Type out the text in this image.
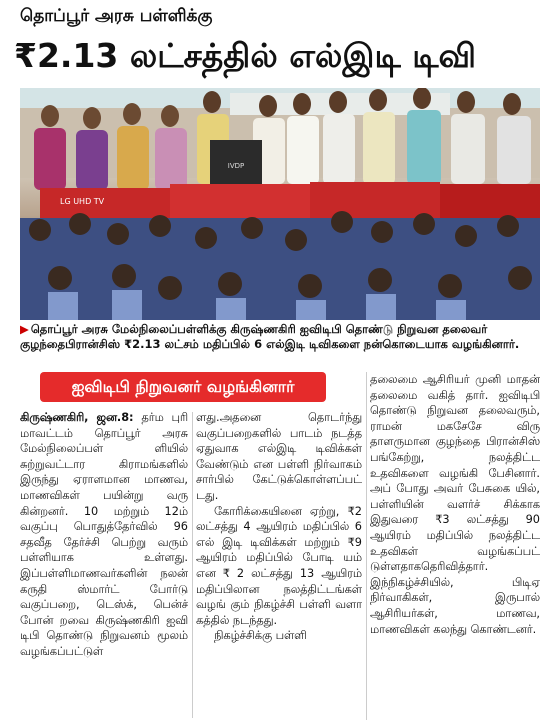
தொப்பூர் அரசு பள்ளிக்கு
₹2.13 லட்சத்தில் எல்இடி டிவி
IVDP
LG UHD TV
▶ தொப்பூர் அரசு மேல்நிலைப்பள்ளிக்கு கிருஷ்ணகிரி ஐவிடிபி தொண்டு நிறுவன தலைவர் குழந்தைபிரான்சிஸ் ₹2.13 லட்சம் மதிப்பில் 6 எல்இடி டிவிகளை நன்கொடையாக வழங்கினார்.
ஐவிடிபி நிறுவனர் வழங்கினார்
கிருஷ்ணகிரி, ஜன.8: தர்ம புரி மாவட்டம் தொப்பூர் அரசு மேல்நிலைப்பள் ளியில் சுற்றுவட்டார கிராமங்களில் இருந்து ஏராளமான மாணவ, மாணவிகள் பயின்று வரு கின்றனர். 10 மற்றும் 12ம் வகுப்பு பொதுத்தேர்வில் 96 சதவீத தேர்ச்சி பெற்று வரும் பள்ளியாக உள்ளது. இப்பள்ளிமாணவர்களின் நலன் கருதி ஸ்மார்ட் போர்டு வகுப்பறை, டெஸ்க், பென்ச் போன் றவை கிருஷ்ணகிரி ஐவி டிபி தொண்டு நிறுவனம் மூலம் வழங்கப்பட்டுள்
ளது.அதனை தொடர்ந்து வகுப்பறைகளில் பாடம் நடத்த ஏதுவாக எல்இடி டிவிக்கள் வேண்டும் என பள்ளி நிர்வாகம் சார்பில் கேட்டுக்கொள்ளப்பட் டது.
கோரிக்கையினை ஏற்று, ₹2 லட்சத்து 4 ஆயிரம் மதிப்பில் 6 எல் இடி டிவிக்கள் மற்றும் ₹9 ஆயிரம் மதிப்பில் போடி யம் என ₹ 2 லட்சத்து 13 ஆயிரம் மதிப்பிலான நலத்திட்டங்கள் வழங் கும் நிகழ்ச்சி பள்ளி வளா கத்தில் நடந்தது.
நிகழ்ச்சிக்கு பள்ளி
தலைமை ஆசிரியர் முனி மாதன் தலைமை வகித் தார். ஐவிடிபி தொண்டு நிறுவன தலைவரும், ராமன் மகசேசே விரு தாளருமான குழந்தை பிரான்சிஸ் பங்கேற்று, நலத்திட்ட உதவிகளை வழங்கி பேசினார். அப் போது அவர் பேசுகை யில், பள்ளியின் வளர்ச் சிக்காக இதுவரை ₹3 லட்சத்து 90 ஆயிரம் மதிப்பில் நலத்திட்ட உதவிகள் வழங்கப்பட் டுள்ளதாகதெரிவித்தார். இந்நிகழ்ச்சியில், பிடிஏ நிர்வாகிகள், இருபால் ஆசிரியர்கள், மாணவ, மாணவிகள் கலந்து கொண்டனர்.
